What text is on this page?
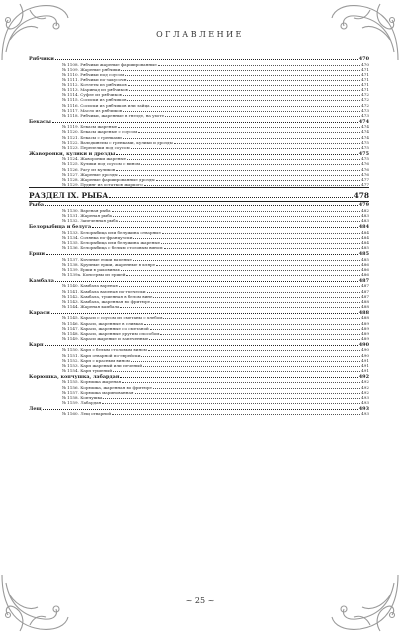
ОГЛАВЛЕНИЕ
Рябчики	470
№ 1108. Рябчики жареные фаршированные	470
№ 1109. Жареные рябчики	471
№ 1110. Рябчики под соусом	471
№ 1111. Рябчики по-закусочн	471
№ 1112. Котлеты из рябчиков	471
№ 1113. Маринад из рябчиков	471
№ 1114. Суфле из рябчиков	472
№ 1115. Сосиски из рябчиков	472
№ 1116. Сосиски из рябчиков или зайца	472
№ 1117. Масло из рябчиков	473
№ 1118. Рябчики, жаренные в гнезде, на ухоте	473
Бекасы	474
№ 1119. Бекасы жареные	474
№ 1120. Бекасы жареные с соусом	474
№ 1121. Бекасы с гренками	474
№ 1122. Вальдшнепы с гренками, кулики и дрозды	475
№ 1123. Перепелки под соусом	475
Жаворонки, кулики и дрозды	475
№ 1124. Жаворонки жареные	475
№ 1125. Кулики под соусом с вином	476
№ 1126. Рагу из куликов	476
№ 1127. Жареные дрозды	476
№ 1128. Жареные фаршированные дрозды	477
№ 1129. Пудинг из остатков жаркого	477
РАЗДЕЛ IX. РЫБА	478
Рыба	479
№ 1130. Вареная рыба	482
№ 1131. Жареная рыба	483
№ 1132. Запеченная рыба	483
Белорыбица и белуга	484
№ 1133. Белорыбица или белужина отварные	484
№ 1134. Солянка по-французски	484
№ 1135. Белорыбица или белужина жареные	484
№ 1136. Белорыбица с белым столовым вином	485
Ерши	485
№ 1137. Крупные ерши вареные	485
№ 1138. Крупные ерши, жаренные в кляре	486
№ 1139. Ерши в раковинах	486
№ 1139а. Консервы из ершей	486
Камбала	487
№ 1140. Камбала вареная	487
№ 1141. Камбала вареная по-гречески	487
№ 1142. Камбала, тушенная в белом вине	487
№ 1143. Камбала, жаренная во фритюре	488
№ 1144. Жареная камбала	488
Караси	488
№ 1145. Караси с соусом из сметаны с хлебом	488
№ 1146. Караси, жаренные в сливках	489
№ 1147. Караси, жаренные со сметаной	489
№ 1148. Караси, жаренные другим способом	489
№ 1149. Караси жареные и запеченные	489
Карп	490
№ 1150. Карп с белым столовым вином	490
№ 1151. Карп отварной по-еврейски	490
№ 1152. Карп с красным вином	491
№ 1153. Карп жареный или печеный	491
№ 1154. Карп тушеный	491
Корюшка, копчушка, лабардан	492
№ 1155. Корюшка жареная	492
№ 1156. Корюшка, жаренная во фритюре	492
№ 1157. Корюшка маринованная	492
№ 1158. Копчушка	493
№ 1159. Лабардан	493
Лещ	493
№ 1160. Лещ отварной	493
~ 25 ~
